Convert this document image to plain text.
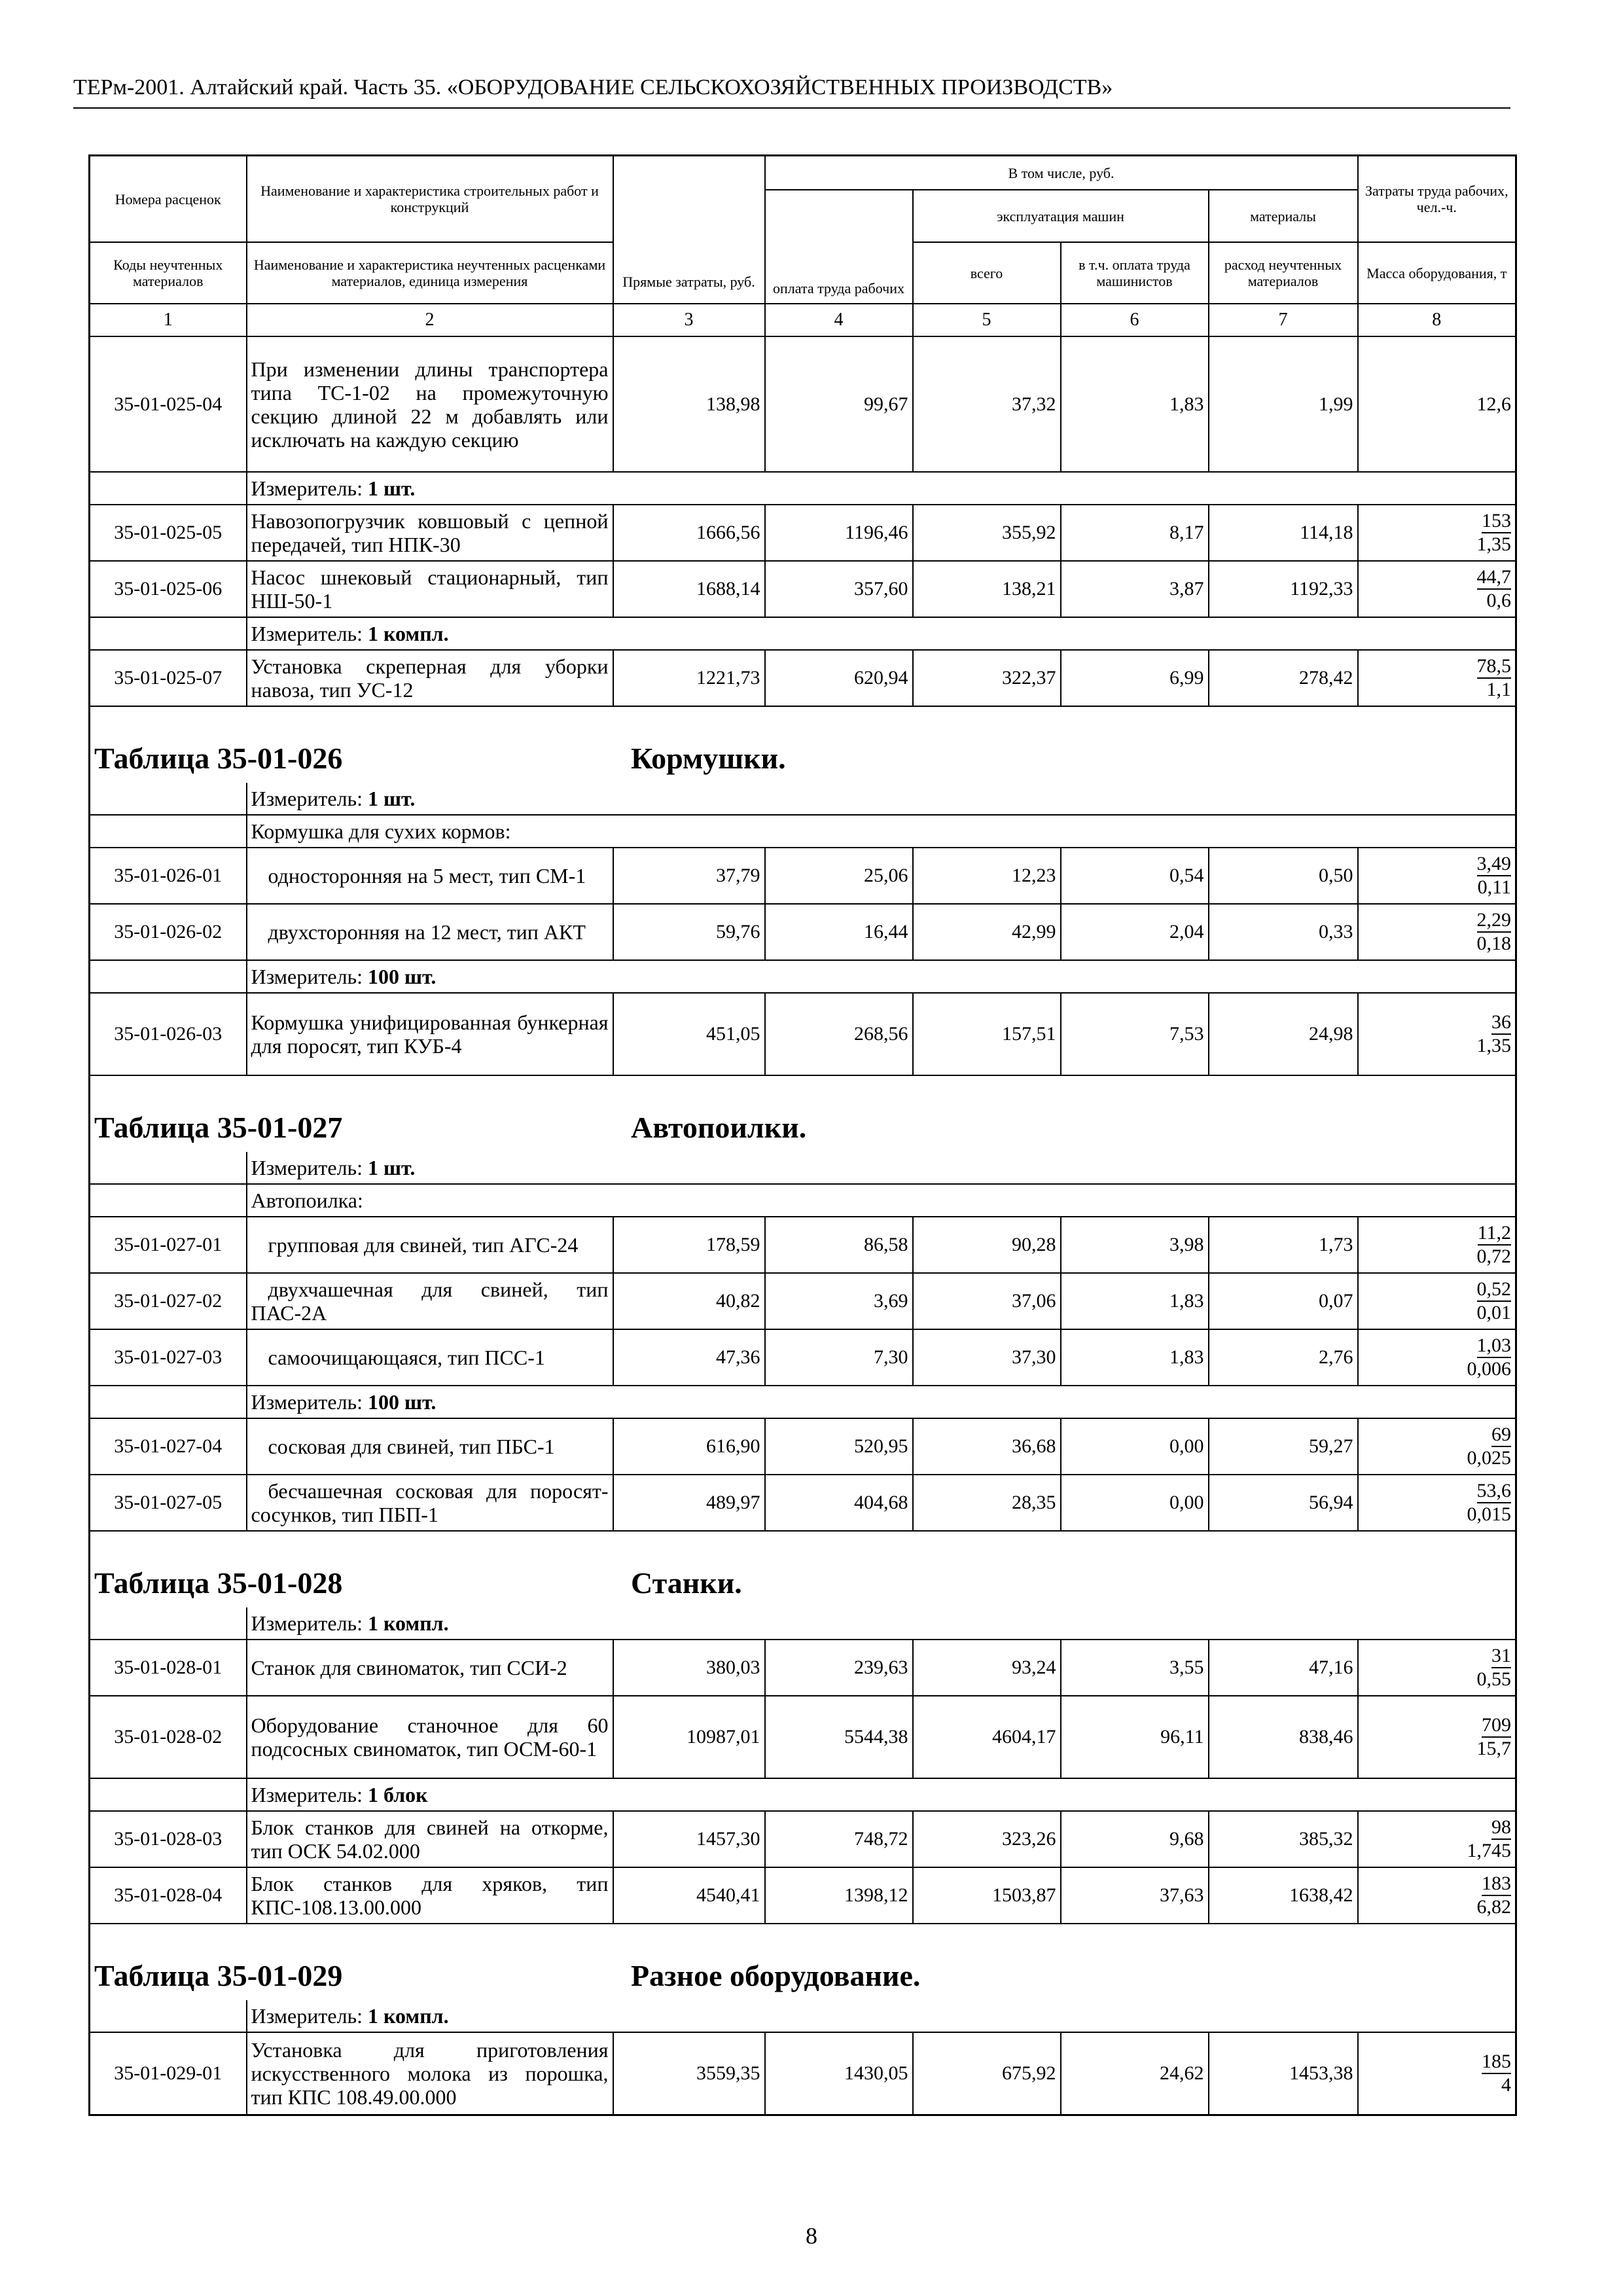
ТЕРм-2001. Алтайский край. Часть 35. «ОБОРУДОВАНИЕ СЕЛЬСКОХОЗЯЙСТВЕННЫХ ПРОИЗВОДСТВ»
Номера расценок	Наименование и характеристика строительных работ и конструкций	Прямые затраты, руб.	В том числе, руб.				Затраты труда рабочих, чел.-ч.
			оплата труда рабочих	эксплуатация машин		материалы	
Коды неучтенных материалов	Наименование и характеристика неучтенных расценками материалов, единица измерения			всего	в т.ч. оплата труда машинистов	расход неучтенных материалов	Масса оборудования, т
1	2	3	4	5	6	7	8
35-01-025-04	При изменении длины транспортера типа ТС-1-02 на промежуточную секцию длиной 22 м добавлять или исключать на каждую секцию	138,98	99,67	37,32	1,83	1,99	12,6
	Измеритель: 1 шт.						
35-01-025-05	Навозопогрузчик ковшовый с цепной передачей, тип НПК-30	1666,56	1196,46	355,92	8,17	114,18	153
1,35
35-01-025-06	Насос шнековый стационарный, тип НШ-50-1	1688,14	357,60	138,21	3,87	1192,33	44,7
0,6
	Измеритель: 1 компл.						
35-01-025-07	Установка скреперная для уборки навоза, тип УС-12	1221,73	620,94	322,37	6,99	278,42	78,5
1,1

Таблица 35-01-026 Кормушки.							

	Измеритель: 1 шт.						
	Кормушка для сухих кормов:						
35-01-026-01	односторонняя на 5 мест, тип СМ-1	37,79	25,06	12,23	0,54	0,50	3,49
0,11
35-01-026-02	двухсторонняя на 12 мест, тип АКТ	59,76	16,44	42,99	2,04	0,33	2,29
0,18
	Измеритель: 100 шт.						
35-01-026-03	Кормушка унифицированная бункерная для поросят, тип КУБ-4	451,05	268,56	157,51	7,53	24,98	36
1,35

Таблица 35-01-027 Автопоилки.							

	Измеритель: 1 шт.						
	Автопоилка:						
35-01-027-01	групповая для свиней, тип АГС-24	178,59	86,58	90,28	3,98	1,73	11,2
0,72
35-01-027-02	двухчашечная для свиней, тип ПАС-2А	40,82	3,69	37,06	1,83	0,07	0,52
0,01
35-01-027-03	самоочищающаяся, тип ПСС-1	47,36	7,30	37,30	1,83	2,76	1,03
0,006
	Измеритель: 100 шт.						
35-01-027-04	сосковая для свиней, тип ПБС-1	616,90	520,95	36,68	0,00	59,27	69
0,025
35-01-027-05	бесчашечная сосковая для поросят-сосунков, тип ПБП-1	489,97	404,68	28,35	0,00	56,94	53,6
0,015

Таблица 35-01-028 Станки.							

	Измеритель: 1 компл.						
35-01-028-01	Станок для свиноматок, тип ССИ-2	380,03	239,63	93,24	3,55	47,16	31
0,55
35-01-028-02	Оборудование станочное для 60 подсосных свиноматок, тип ОСМ-60-1	10987,01	5544,38	4604,17	96,11	838,46	709
15,7
	Измеритель: 1 блок						
35-01-028-03	Блок станков для свиней на откорме, тип ОСК 54.02.000	1457,30	748,72	323,26	9,68	385,32	98
1,745
35-01-028-04	Блок станков для хряков, тип КПС-108.13.00.000	4540,41	1398,12	1503,87	37,63	1638,42	183
6,82

Таблица 35-01-029 Разное оборудование.							

	Измеритель: 1 компл.						
35-01-029-01	Установка для приготовления искусственного молока из порошка, тип КПС 108.49.00.000	3559,35	1430,05	675,92	24,62	1453,38	185
4
8
